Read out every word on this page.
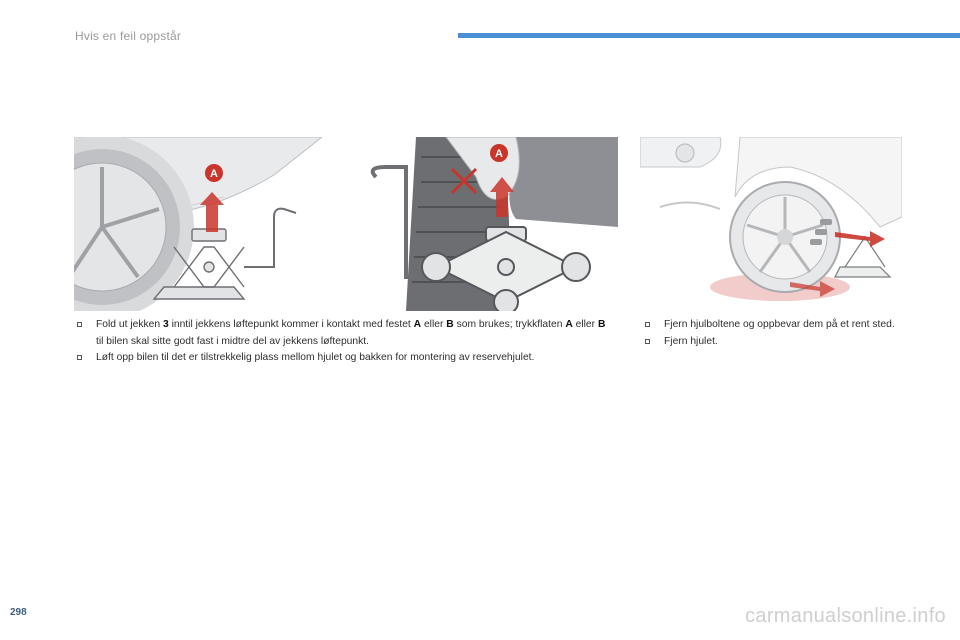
Hvis en feil oppstår
A
A
Fold ut jekken 3 inntil jekkens løftepunkt kommer i kontakt med festet A eller B som brukes; trykkflaten A eller B til bilen skal sitte godt fast i midtre del av jekkens løftepunkt.
Løft opp bilen til det er tilstrekkelig plass mellom hjulet og bakken for montering av reservehjulet.
Fjern hjulboltene og oppbevar dem på et rent sted.
Fjern hjulet.
298	carmanualsonline.info
